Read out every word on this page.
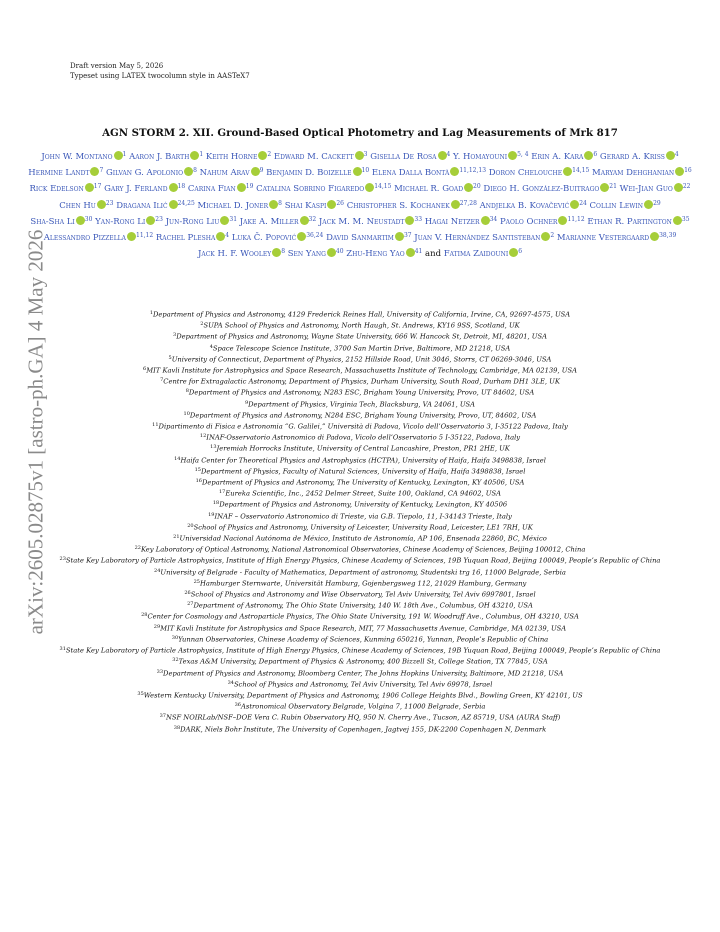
arXiv:2605.02875v1 [astro-ph.GA] 4 May 2026
Draft version May 5, 2026
Typeset using LATEX twocolumn style in AASTeX7
AGN STORM 2. XII. Ground-Based Optical Photometry and Lag Measurements of Mrk 817
John W. Montano $^1$ Aaron J. Barth $^1$ Keith Horne $^2$ Edward M. Cackett $^3$ Gisella De Rosa $^4$ Y. Homayouni $^{5, 4}$ Erin A. Kara $^6$ Gerard A. Kriss $^4$ Hermine Landt $^7$ Gilvan G. Apolonio $^8$ Nahum Arav $^9$ Benjamin D. Boizelle $^{10}$ Elena Dalla Bontà $^{11,12,13}$ Doron Chelouche $^{14,15}$ Maryam Dehghanian $^{16}$ Rick Edelson $^{17}$ Gary J. Ferland $^{18}$ Carina Fian $^{19}$ Catalina Sobrino Figaredo $^{14,15}$ Michael R. Goad $^{20}$ Diego H. González-Buitrago $^{21}$ Wei-Jian Guo $^{22}$ Chen Hu $^{23}$ Dragana Ilić $^{24,25}$ Michael D. Joner $^8$ Shai Kaspi $^{26}$ Christopher S. Kochanek $^{27,28}$ Andjelka B. Kovačević $^{24}$ Collin Lewin $^{29}$ Sha-Sha Li $^{30}$ Yan-Rong Li $^{23}$ Jun-Rong Liu $^{31}$ Jake A. Miller $^{32}$ Jack M. M. Neustadt $^{33}$ Hagai Netzer $^{34}$ Paolo Ochner $^{11,12}$ Ethan R. Partington $^{35}$ Alessandro Pizzella $^{11,12}$ Rachel Plesha $^4$ Luka Č. Popović $^{36,24}$ David Sanmartim $^{37}$ Juan V. Hernández Santisteban $^2$ Marianne Vestergaard $^{38,39}$ Jack H. F. Wooley $^8$ Sen Yang $^{40}$ Zhu-Heng Yao $^{41}$ and Fatima Zaidouni $^6$
$^1$Department of Physics and Astronomy, 4129 Frederick Reines Hall, University of California, Irvine, CA, 92697-4575, USA
$^2$SUPA School of Physics and Astronomy, North Haugh, St. Andrews, KY16 9SS, Scotland, UK
$^3$Department of Physics and Astronomy, Wayne State University, 666 W. Hancock St, Detroit, MI, 48201, USA
$^4$Space Telescope Science Institute, 3700 San Martin Drive, Baltimore, MD 21218, USA
$^5$University of Connecticut, Department of Physics, 2152 Hillside Road, Unit 3046, Storrs, CT 06269-3046, USA
$^6$MIT Kavli Institute for Astrophysics and Space Research, Massachusetts Institute of Technology, Cambridge, MA 02139, USA
$^7$Centre for Extragalactic Astronomy, Department of Physics, Durham University, South Road, Durham DH1 3LE, UK
$^8$Department of Physics and Astronomy, N283 ESC, Brigham Young University, Provo, UT 84602, USA
$^9$Department of Physics, Virginia Tech, Blacksburg, VA 24061, USA
$^{10}$Department of Physics and Astronomy, N284 ESC, Brigham Young University, Provo, UT, 84602, USA
$^{11}$Dipartimento di Fisica e Astronomia “G. Galilei,” Università di Padova, Vicolo dell’Osservatorio 3, I-35122 Padova, Italy
$^{12}$INAF-Osservatorio Astronomico di Padova, Vicolo dell’Osservatorio 5 I-35122, Padova, Italy
$^{13}$Jeremiah Horrocks Institute, University of Central Lancashire, Preston, PR1 2HE, UK
$^{14}$Haifa Center for Theoretical Physics and Astrophysics (HCTPA), University of Haifa, Haifa 3498838, Israel
$^{15}$Department of Physics, Faculty of Natural Sciences, University of Haifa, Haifa 3498838, Israel
$^{16}$Department of Physics and Astronomy, The University of Kentucky, Lexington, KY 40506, USA
$^{17}$Eureka Scientific, Inc., 2452 Delmer Street, Suite 100, Oakland, CA 94602, USA
$^{18}$Department of Physics and Astronomy, University of Kentucky, Lexington, KY 40506
$^{19}$INAF – Osservatorio Astronomico di Trieste, via G.B. Tiepolo, 11, I-34143 Trieste, Italy
$^{20}$School of Physics and Astronomy, University of Leicester, University Road, Leicester, LE1 7RH, UK
$^{21}$Universidad Nacional Autónoma de México, Instituto de Astronomía, AP 106, Ensenada 22860, BC, México
$^{22}$Key Laboratory of Optical Astronomy, National Astronomical Observatories, Chinese Academy of Sciences, Beijing 100012, China
$^{23}$State Key Laboratory of Particle Astrophysics, Institute of High Energy Physics, Chinese Academy of Sciences, 19B Yuquan Road, Beijing 100049, People’s Republic of China
$^{24}$University of Belgrade - Faculty of Mathematics, Department of astronomy, Studentski trg 16, 11000 Belgrade, Serbia
$^{25}$Hamburger Sternwarte, Universität Hamburg, Gojenbergsweg 112, 21029 Hamburg, Germany
$^{26}$School of Physics and Astronomy and Wise Observatory, Tel Aviv University, Tel Aviv 6997801, Israel
$^{27}$Department of Astronomy, The Ohio State University, 140 W. 18th Ave., Columbus, OH 43210, USA
$^{28}$Center for Cosmology and Astroparticle Physics, The Ohio State University, 191 W. Woodruff Ave., Columbus, OH 43210, USA
$^{29}$MIT Kavli Institute for Astrophysics and Space Research, MIT, 77 Massachusetts Avenue, Cambridge, MA 02139, USA
$^{30}$Yunnan Observatories, Chinese Academy of Sciences, Kunming 650216, Yunnan, People’s Republic of China
$^{31}$State Key Laboratory of Particle Astrophysics, Institute of High Energy Physics, Chinese Academy of Sciences, 19B Yuquan Road, Beijing 100049, People’s Republic of China
$^{32}$Texas A&M University, Department of Physics & Astronomy, 400 Bizzell St, College Station, TX 77845, USA
$^{33}$Department of Physics and Astronomy, Bloomberg Center, The Johns Hopkins University, Baltimore, MD 21218, USA
$^{34}$School of Physics and Astronomy, Tel Aviv University, Tel Aviv 69978, Israel
$^{35}$Western Kentucky University, Department of Physics and Astronomy, 1906 College Heights Blvd., Bowling Green, KY 42101, US
$^{36}$Astronomical Observatory Belgrade, Volgina 7, 11000 Belgrade, Serbia
$^{37}$NSF NOIRLab/NSF–DOE Vera C. Rubin Observatory HQ, 950 N. Cherry Ave., Tucson, AZ 85719, USA (AURA Staff)
$^{38}$DARK, Niels Bohr Institute, The University of Copenhagen, Jagtvej 155, DK-2200 Copenhagen N, Denmark
